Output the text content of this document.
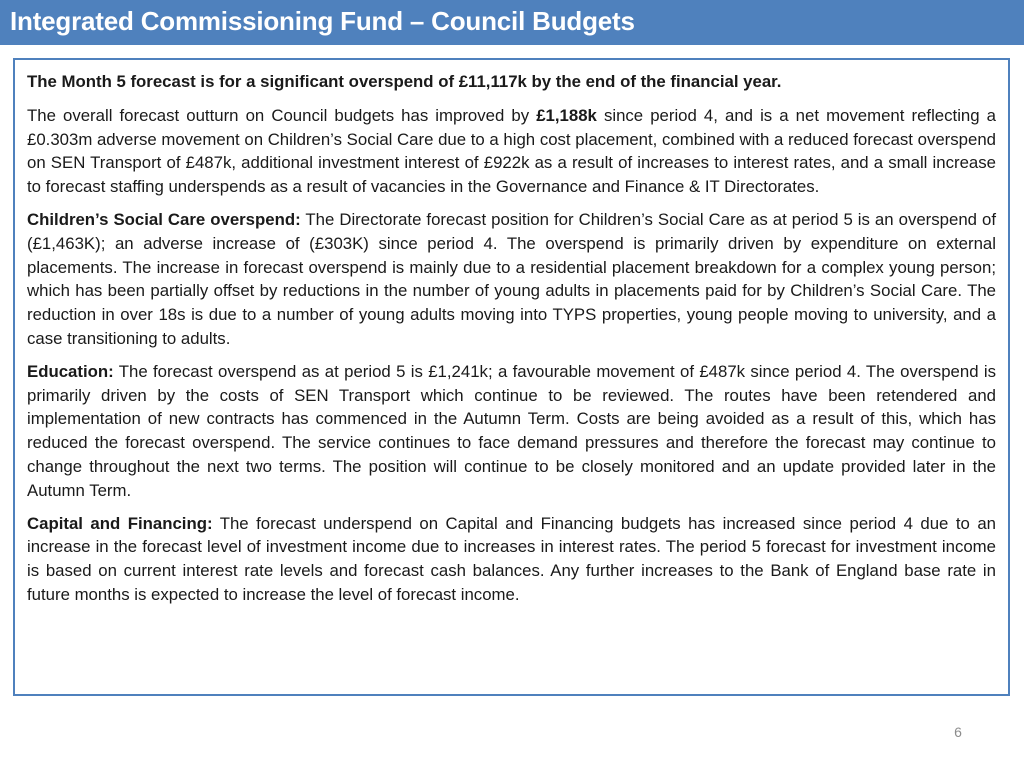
Integrated Commissioning Fund – Council Budgets

The Month 5 forecast is for a significant overspend of £11,117k by the end of the financial year.

The overall forecast outturn on Council budgets has improved by £1,188k since period 4, and is a net movement reflecting a £0.303m adverse movement on Children’s Social Care due to a high cost placement, combined with a reduced forecast overspend on SEN Transport of £487k, additional investment interest of £922k as a result of increases to interest rates, and a small increase to forecast staffing underspends as a result of vacancies in the Governance and Finance & IT Directorates.

Children’s Social Care overspend: The Directorate forecast position for Children’s Social Care as at period 5 is an overspend of (£1,463K); an adverse increase of (£303K) since period 4. The overspend is primarily driven by expenditure on external placements. The increase in forecast overspend is mainly due to a residential placement breakdown for a complex young person; which has been partially offset by reductions in the number of young adults in placements paid for by Children’s Social Care. The reduction in over 18s is due to a number of young adults moving into TYPS properties, young people moving to university, and a case transitioning to adults.

Education: The forecast overspend as at period 5 is £1,241k; a favourable movement of £487k since period 4. The overspend is primarily driven by the costs of SEN Transport which continue to be reviewed. The routes have been retendered and implementation of new contracts has commenced in the Autumn Term. Costs are being avoided as a result of this, which has reduced the forecast overspend. The service continues to face demand pressures and therefore the forecast may continue to change throughout the next two terms. The position will continue to be closely monitored and an update provided later in the Autumn Term.

Capital and Financing: The forecast underspend on Capital and Financing budgets has increased since period 4 due to an increase in the forecast level of investment income due to increases in interest rates. The period 5 forecast for investment income is based on current interest rate levels and forecast cash balances. Any further increases to the Bank of England base rate in future months is expected to increase the level of forecast income.

6
